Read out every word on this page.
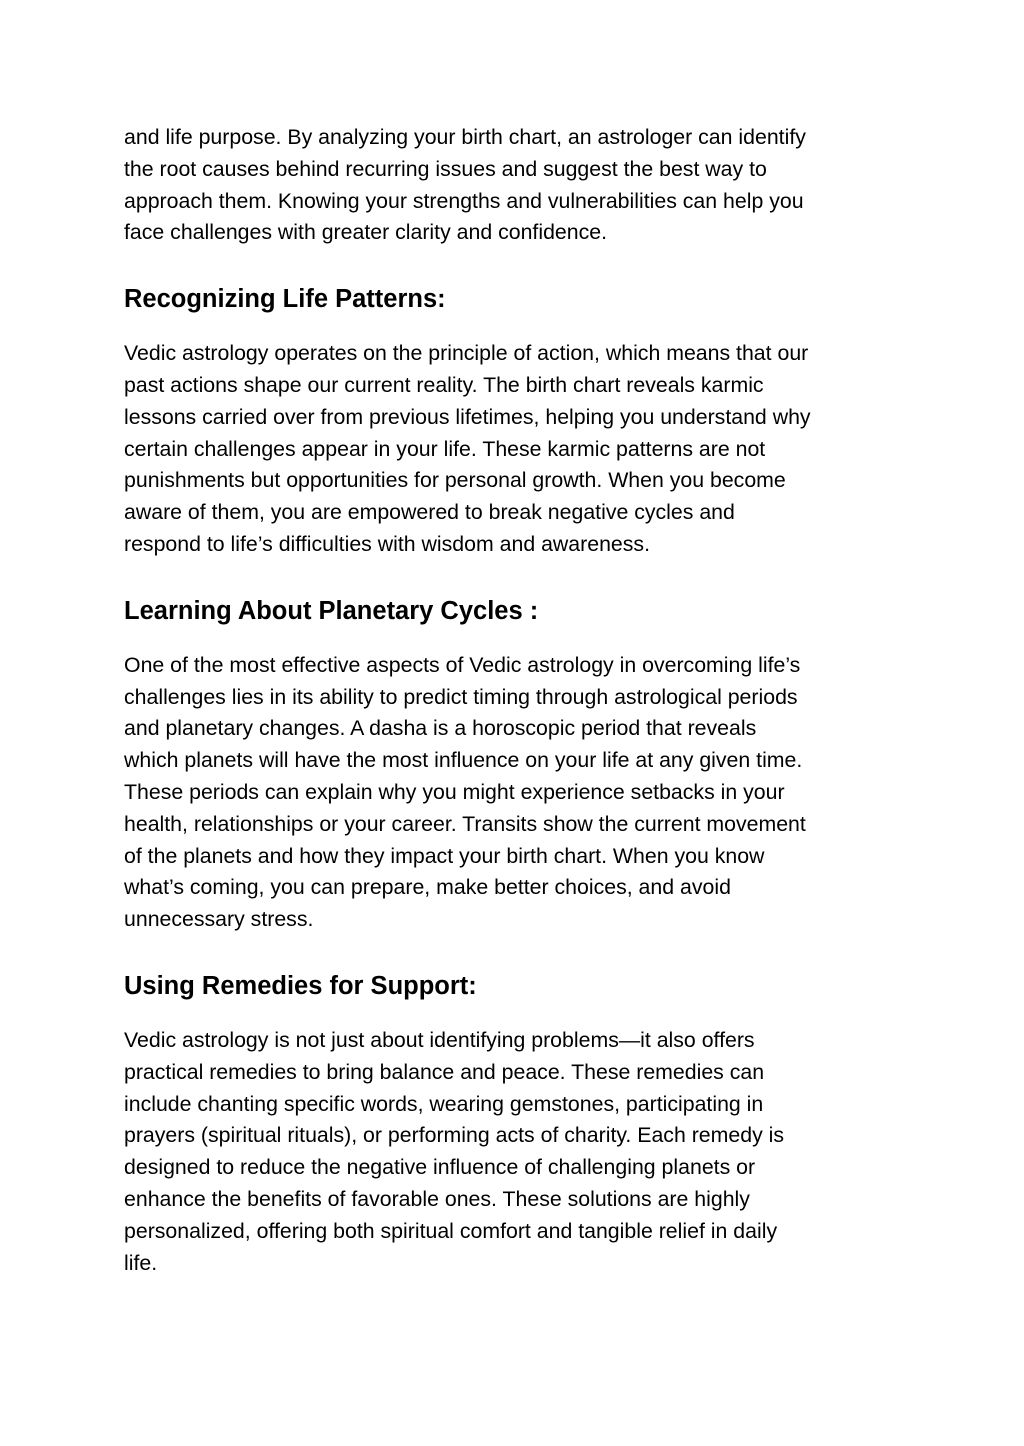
and life purpose. By analyzing your birth chart, an astrologer can identify
the root causes behind recurring issues and suggest the best way to
approach them. Knowing your strengths and vulnerabilities can help you
face challenges with greater clarity and confidence.

Recognizing Life Patterns:

Vedic astrology operates on the principle of action, which means that our
past actions shape our current reality. The birth chart reveals karmic
lessons carried over from previous lifetimes, helping you understand why
certain challenges appear in your life. These karmic patterns are not
punishments but opportunities for personal growth. When you become
aware of them, you are empowered to break negative cycles and
respond to life’s difficulties with wisdom and awareness.

Learning About Planetary Cycles :

One of the most effective aspects of Vedic astrology in overcoming life’s
challenges lies in its ability to predict timing through astrological periods
and planetary changes. A dasha is a horoscopic period that reveals
which planets will have the most influence on your life at any given time.
These periods can explain why you might experience setbacks in your
health, relationships or your career. Transits show the current movement
of the planets and how they impact your birth chart. When you know
what’s coming, you can prepare, make better choices, and avoid
unnecessary stress.

Using Remedies for Support:

Vedic astrology is not just about identifying problems—it also offers
practical remedies to bring balance and peace. These remedies can
include chanting specific words, wearing gemstones, participating in
prayers (spiritual rituals), or performing acts of charity. Each remedy is
designed to reduce the negative influence of challenging planets or
enhance the benefits of favorable ones. These solutions are highly
personalized, offering both spiritual comfort and tangible relief in daily
life.
